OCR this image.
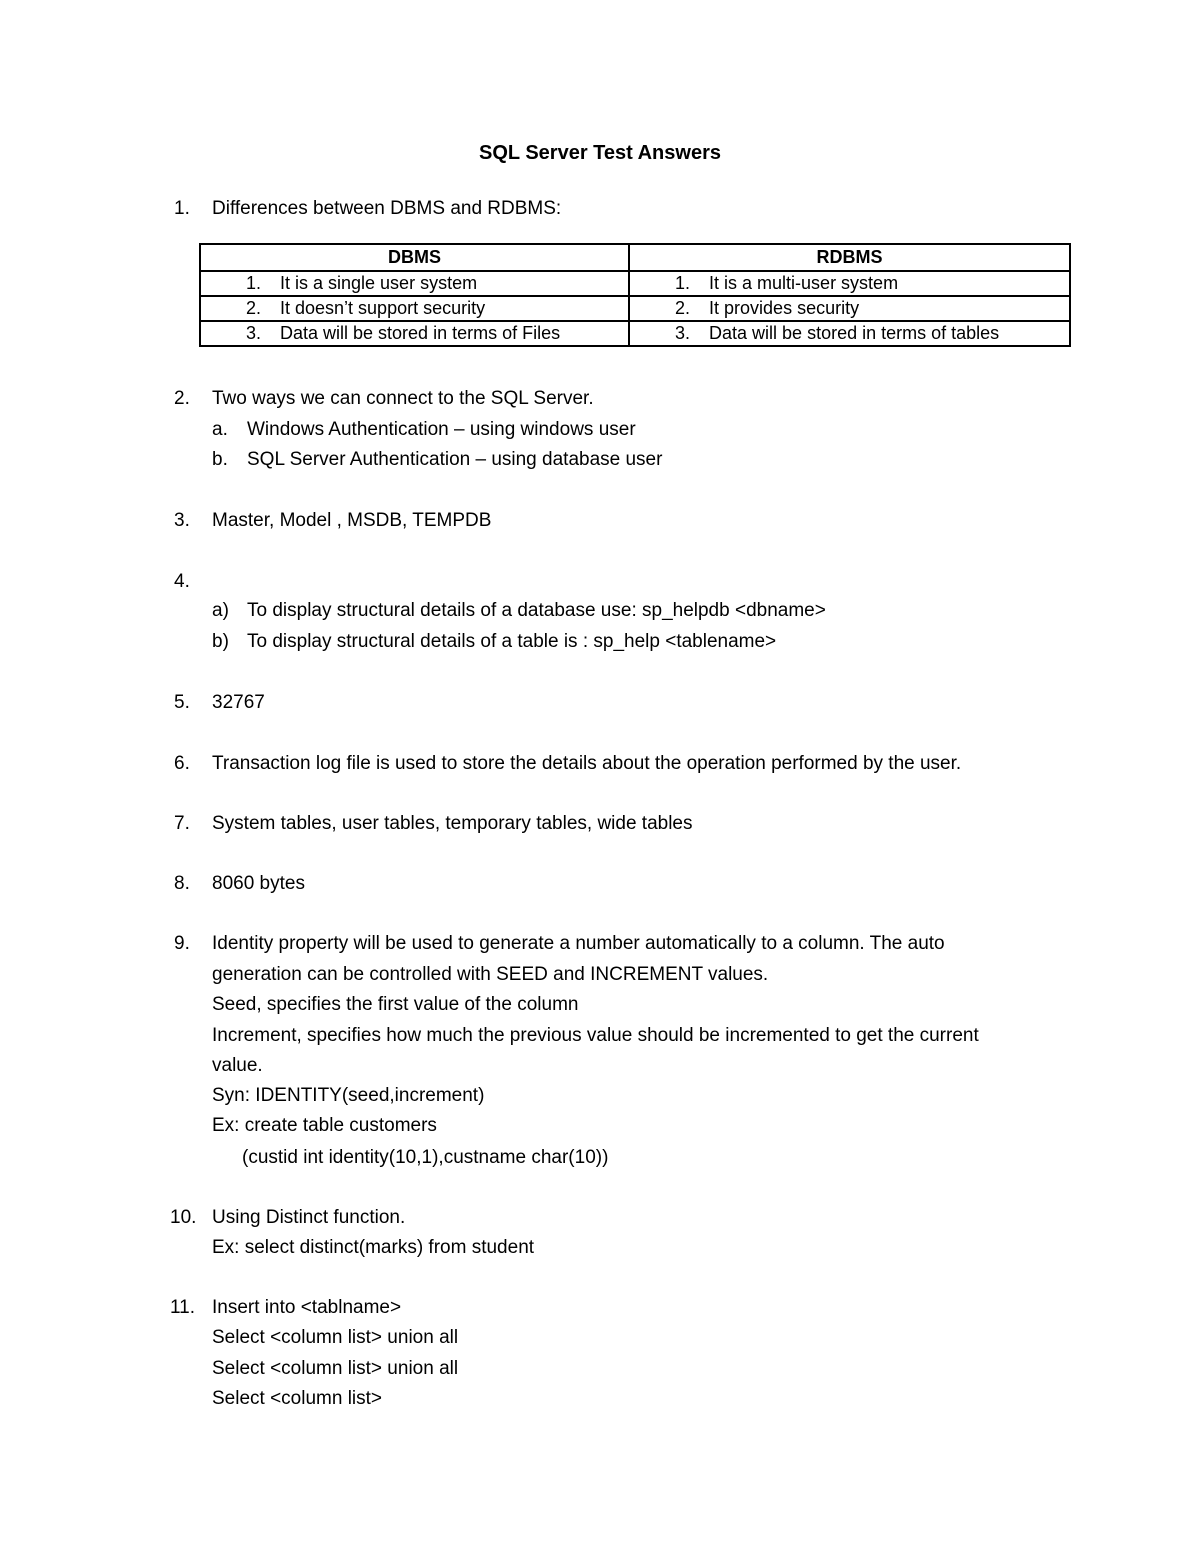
SQL Server Test Answers
1. Differences between DBMS and RDBMS:
DBMS	RDBMS
1. It is a single user system	1. It is a multi-user system
2. It doesn’t support security	2. It provides security
3. Data will be stored in terms of Files	3. Data will be stored in terms of tables
2. Two ways we can connect to the SQL Server.
a. Windows Authentication – using windows user
b. SQL Server Authentication – using database user
3. Master, Model , MSDB, TEMPDB
4.
a) To display structural details of a database use: sp_helpdb <dbname>
b) To display structural details of a table is : sp_help <tablename>
5. 32767
6. Transaction log file is used to store the details about the operation performed by the user.
7. System tables, user tables, temporary tables, wide tables
8. 8060 bytes
9. Identity property will be used to generate a number automatically to a column. The auto
generation can be controlled with SEED and INCREMENT values.
Seed, specifies the first value of the column
Increment, specifies how much the previous value should be incremented to get the current
value.
Syn: IDENTITY(seed,increment)
Ex: create table customers
(custid int identity(10,1),custname char(10))
10. Using Distinct function.
Ex: select distinct(marks) from student
11. Insert into <tablname>
Select <column list> union all
Select <column list> union all
Select <column list>
